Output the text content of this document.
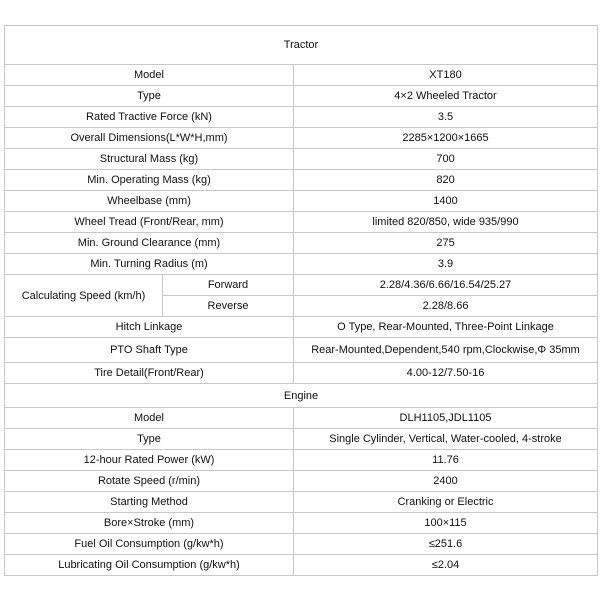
Tractor		
Model		XT180
Type		4×2 Wheeled Tractor
Rated Tractive Force (kN)		3.5
Overall Dimensions(L*W*H,mm)		2285×1200×1665
Structural Mass (kg)		700
Min. Operating Mass (kg)		820
Wheelbase (mm)		1400
Wheel Tread (Front/Rear, mm)		limited 820/850, wide 935/990
Min. Ground Clearance (mm)		275
Min. Turning Radius (m)		3.9
Calculating Speed (km/h)	Forward	2.28/4.36/6.66/16.54/25.27
	Reverse	2.28/8.66
Hitch Linkage		O Type, Rear-Mounted, Three-Point Linkage
PTO Shaft Type		Rear-Mounted,Dependent,540 rpm,Clockwise,Φ 35mm
Tire Detail(Front/Rear)		4.00-12/7.50-16
Engine		
Model		DLH1105,JDL1105
Type		Single Cylinder, Vertical, Water-cooled, 4-stroke
12-hour Rated Power (kW)		11.76
Rotate Speed (r/min)		2400
Starting Method		Cranking or Electric
Bore×Stroke (mm)		100×115
Fuel Oil Consumption (g/kw*h)		≤251.6
Lubricating Oil Consumption (g/kw*h)		≤2.04
